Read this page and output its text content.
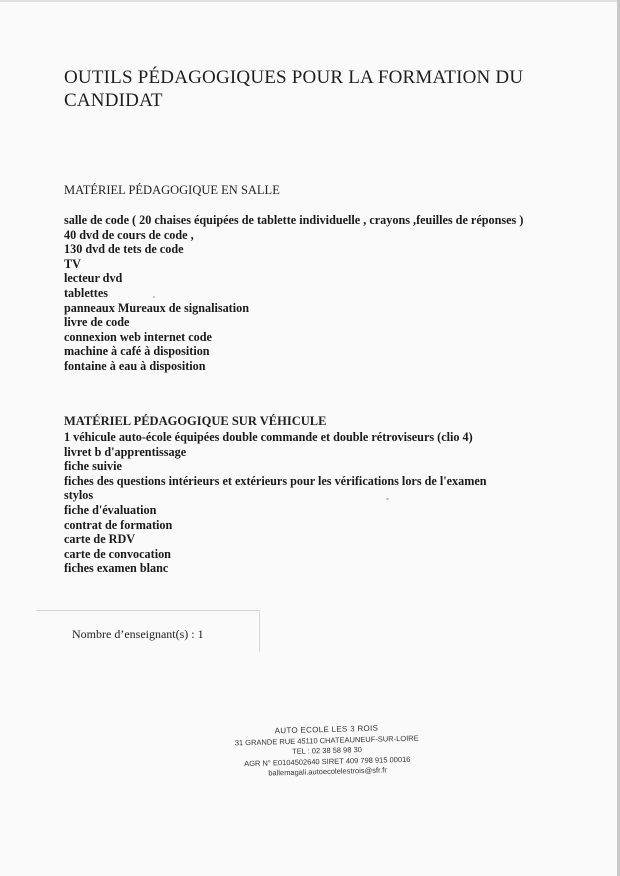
OUTILS PÉDAGOGIQUES POUR LA FORMATION DU CANDIDAT
MATÉRIEL PÉDAGOGIQUE EN SALLE
salle de code ( 20 chaises équipées de tablette individuelle , crayons ,feuilles de réponses )
40 dvd de cours de code ,
130 dvd de tets de code
TV
lecteur dvd
tablettes
panneaux Mureaux de signalisation
livre de code
connexion web internet code
machine à café à disposition
fontaine à eau à disposition
MATÉRIEL PÉDAGOGIQUE SUR VÉHICULE
1 véhicule auto-école équipées double commande et double rétroviseurs (clio 4)
livret b d'apprentissage
fiche suivie
fiches des questions intérieurs et extérieurs pour les vérifications lors de l'examen
stylos
fiche d'évaluation
contrat de formation
carte de RDV
carte de convocation
fiches examen blanc
Nombre d’enseignant(s) : 1
AUTO ECOLE LES 3 ROIS
31 GRANDE RUE 45110 CHATEAUNEUF-SUR-LOIRE
TEL : 02 38 58 98 30
AGR N° E0104502640 SIRET 409 798 915 00016
ballemagali.autoecolelestrois@sfr.fr
